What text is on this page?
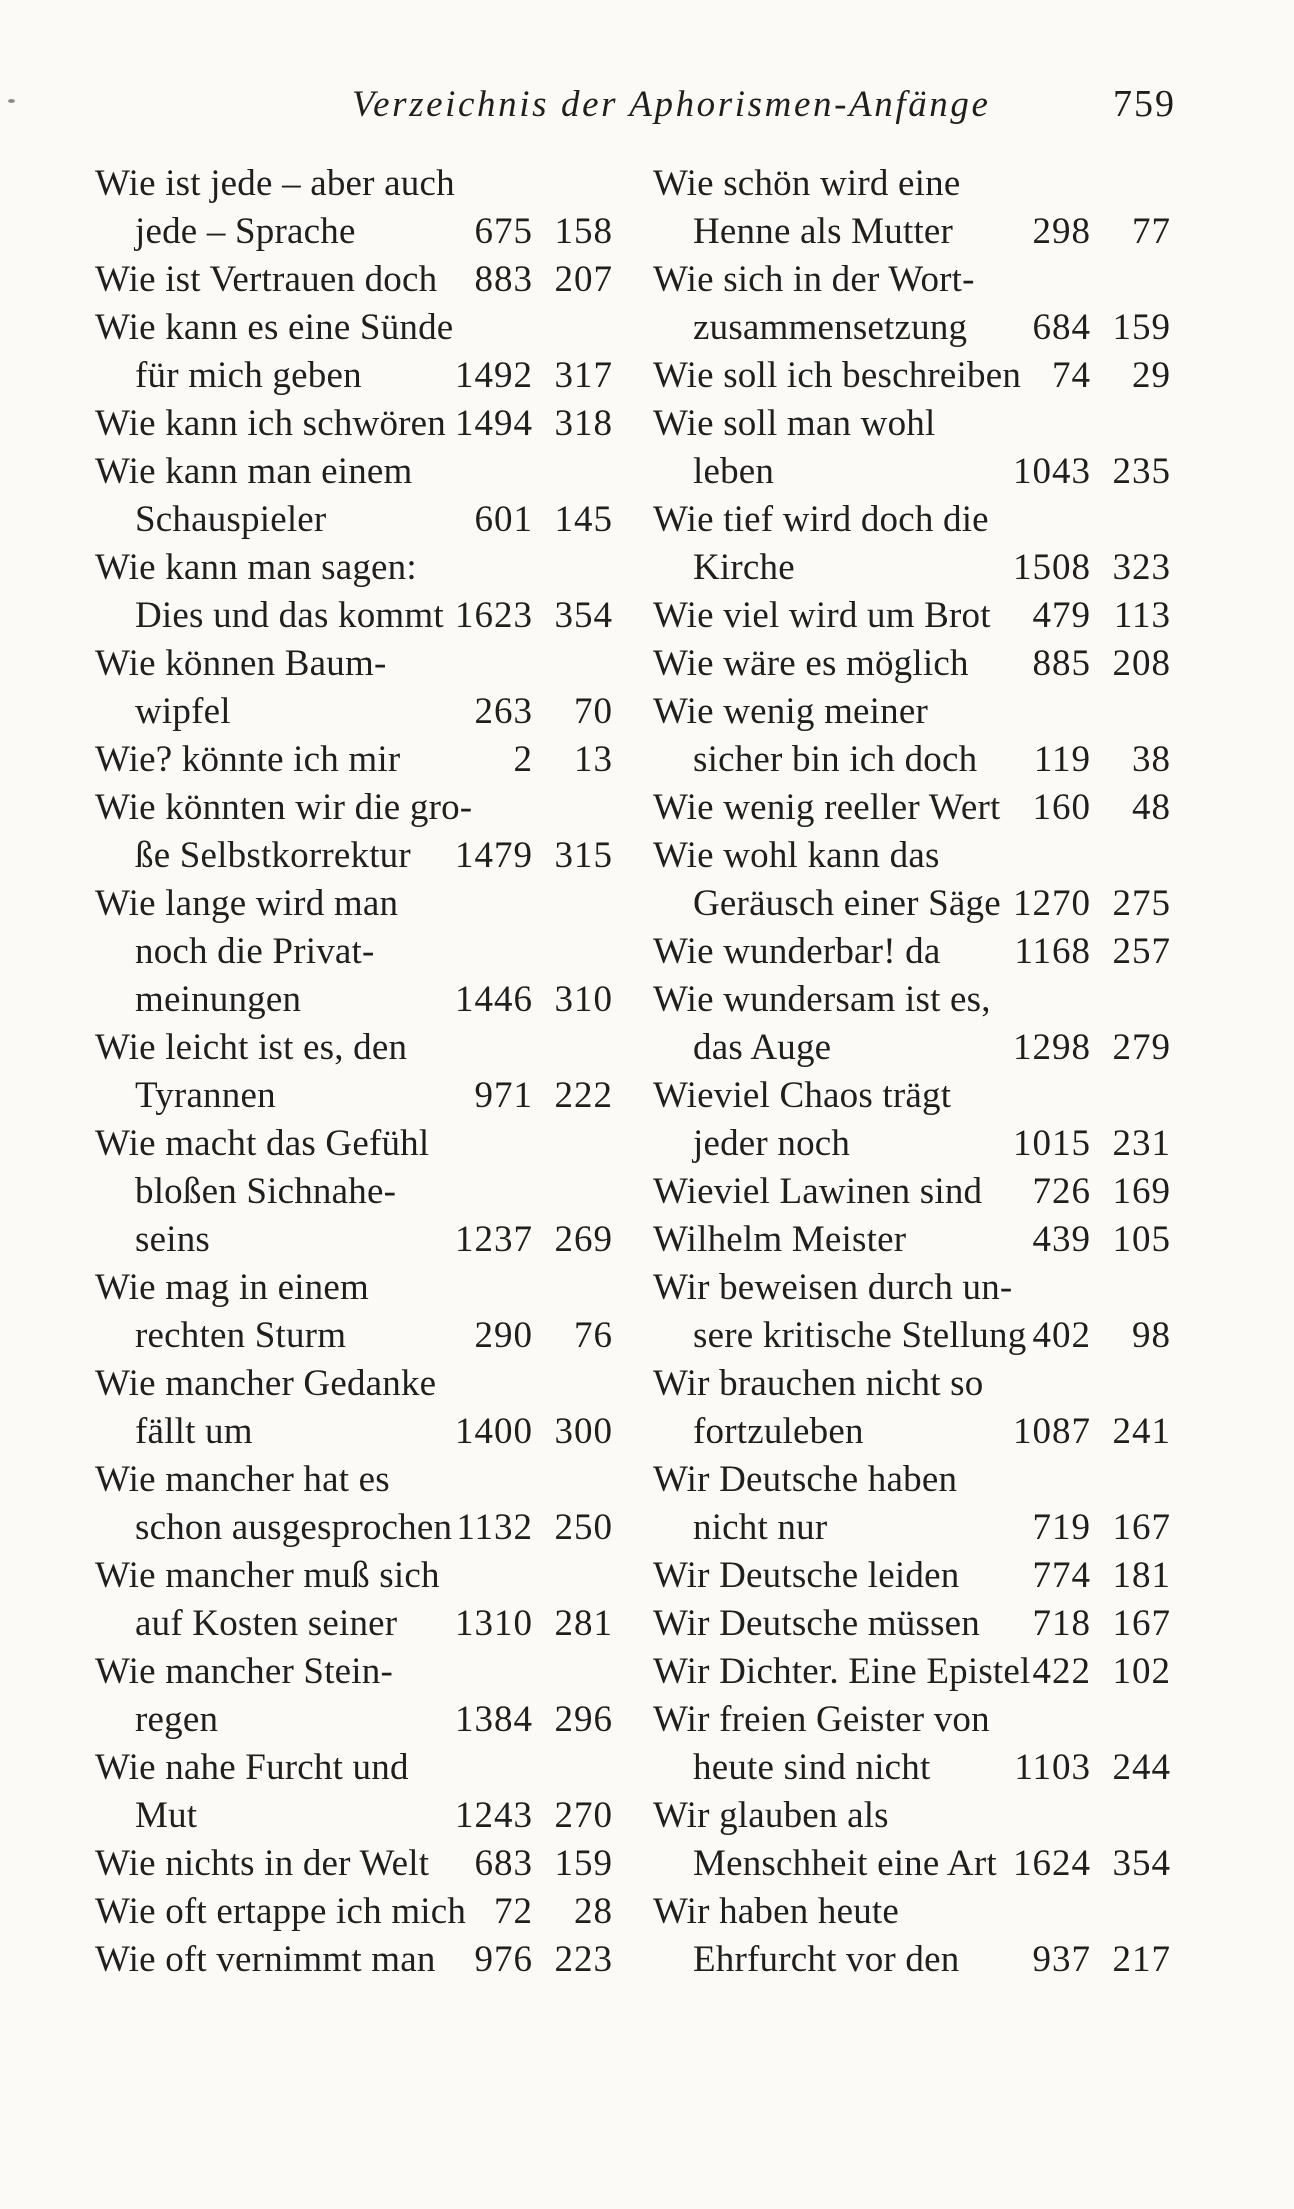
Verzeichnis der Aphorismen-Anfänge	759
Wie ist jede – aber auch
jede – Sprache	675 158
Wie ist Vertrauen doch 883 207
Wie kann es eine Sünde
für mich geben	1492 317
Wie kann ich schwören 1494 318
Wie kann man einem
Schauspieler	601 145
Wie kann man sagen:
Dies und das kommt 1623 354
Wie können Baum-
wipfel	263	70
Wie? könnte ich mir	2	13
Wie könnten wir die gro-
ße Selbstkorrektur 1479 315
Wie lange wird man
noch die Privat-
meinungen	1446 310
Wie leicht ist es, den
Tyrannen	971 222
Wie macht das Gefühl
bloßen Sichnahe-
seins	1237 269
Wie mag in einem
rechten Sturm	290	76
Wie mancher Gedanke
fällt um	1400 300
Wie mancher hat es
schon ausgesprochen 1132 250
Wie mancher muß sich
auf Kosten seiner 1310 281
Wie mancher Stein-
regen	1384 296
Wie nahe Furcht und
Mut	1243 270
Wie nichts in der Welt 683 159
Wie oft ertappe ich mich 72	28
Wie oft vernimmt man 976 223
Wie schön wird eine
Henne als Mutter 298	77
Wie sich in der Wort-
zusammensetzung 684 159
Wie soll ich beschreiben 74	29
Wie soll man wohl
leben	1043 235
Wie tief wird doch die
Kirche	1508 323
Wie viel wird um Brot 479 113
Wie wäre es möglich 885 208
Wie wenig meiner
sicher bin ich doch 119	38
Wie wenig reeller Wert 160	48
Wie wohl kann das
Geräusch einer Säge 1270 275
Wie wunderbar! da 1168 257
Wie wundersam ist es,
das Auge	1298 279
Wieviel Chaos trägt
jeder noch	1015 231
Wieviel Lawinen sind 726 169
Wilhelm Meister	439 105
Wir beweisen durch un-
sere kritische Stellung 402	98
Wir brauchen nicht so
fortzuleben	1087 241
Wir Deutsche haben
nicht nur	719 167
Wir Deutsche leiden 774 181
Wir Deutsche müssen 718 167
Wir Dichter. Eine Epistel 422 102
Wir freien Geister von
heute sind nicht 1103 244
Wir glauben als
Menschheit eine Art 1624 354
Wir haben heute
Ehrfurcht vor den 937 217
